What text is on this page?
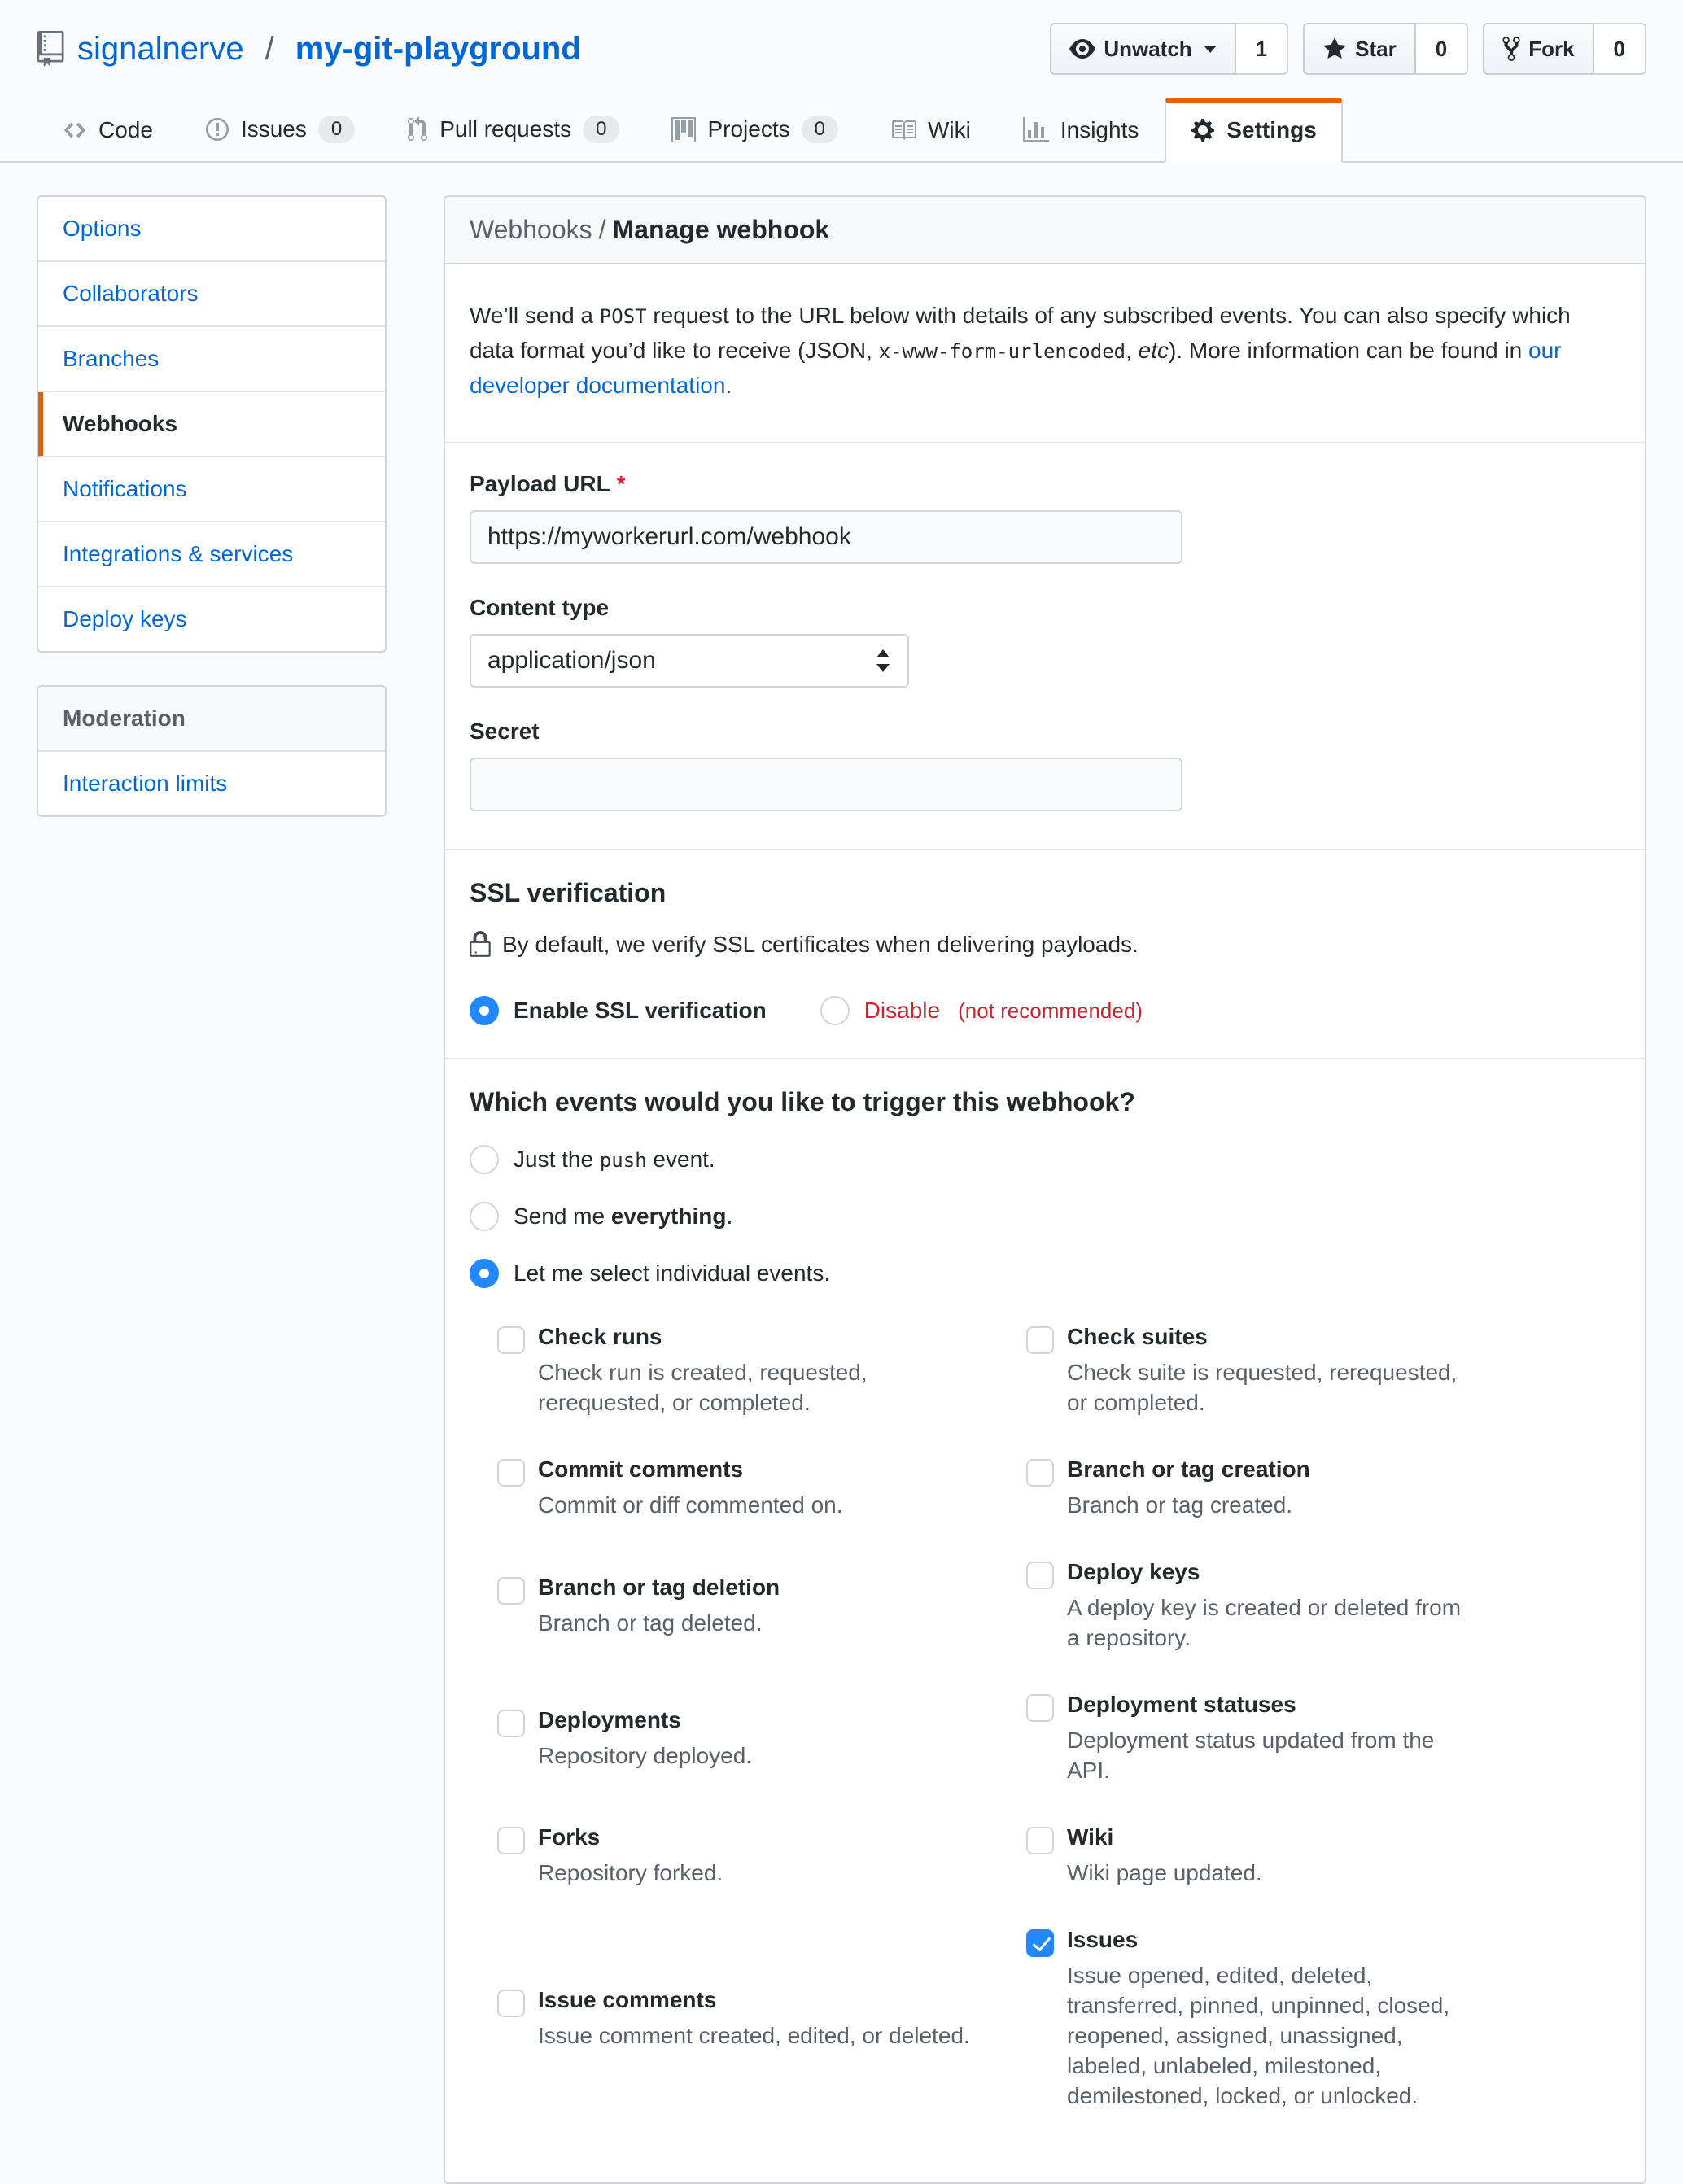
signalnerve / my-git-playground	Unwatch	1	Star	0	Fork	0
Code	Issues	0	Pull requests	0	Projects	0	Wiki	Insights	Settings
Options
Collaborators
Branches
Webhooks
Notifications
Integrations & services
Deploy keys
Moderation
Interaction limits
Webhooks / Manage webhook

We’ll send a POST request to the URL below with details of any subscribed events. You can also specify which data format you’d like to receive (JSON, x-www-form-urlencoded, etc). More information can be found in our developer documentation.

Payload URL *
https://myworkerurl.com/webhook
Content type
application/json
Secret
SSL verification
By default, we verify SSL certificates when delivering payloads.
Enable SSL verification	Disable (not recommended)
Which events would you like to trigger this webhook?
Just the push event.
Send me everything.
Let me select individual events.
Check runs
Check run is created, requested, rerequested, or completed.

Check suites
Check suite is requested, rerequested, or completed.

Commit comments
Commit or diff commented on.

Branch or tag creation
Branch or tag created.

Branch or tag deletion
Branch or tag deleted.

Deploy keys
A deploy key is created or deleted from a repository.

Deployments
Repository deployed.

Deployment statuses
Deployment status updated from the API.

Forks
Repository forked.

Wiki
Wiki page updated.

Issue comments
Issue comment created, edited, or deleted.

Issues
Issue opened, edited, deleted, transferred, pinned, unpinned, closed, reopened, assigned, unassigned, labeled, unlabeled, milestoned, demilestoned, locked, or unlocked.
